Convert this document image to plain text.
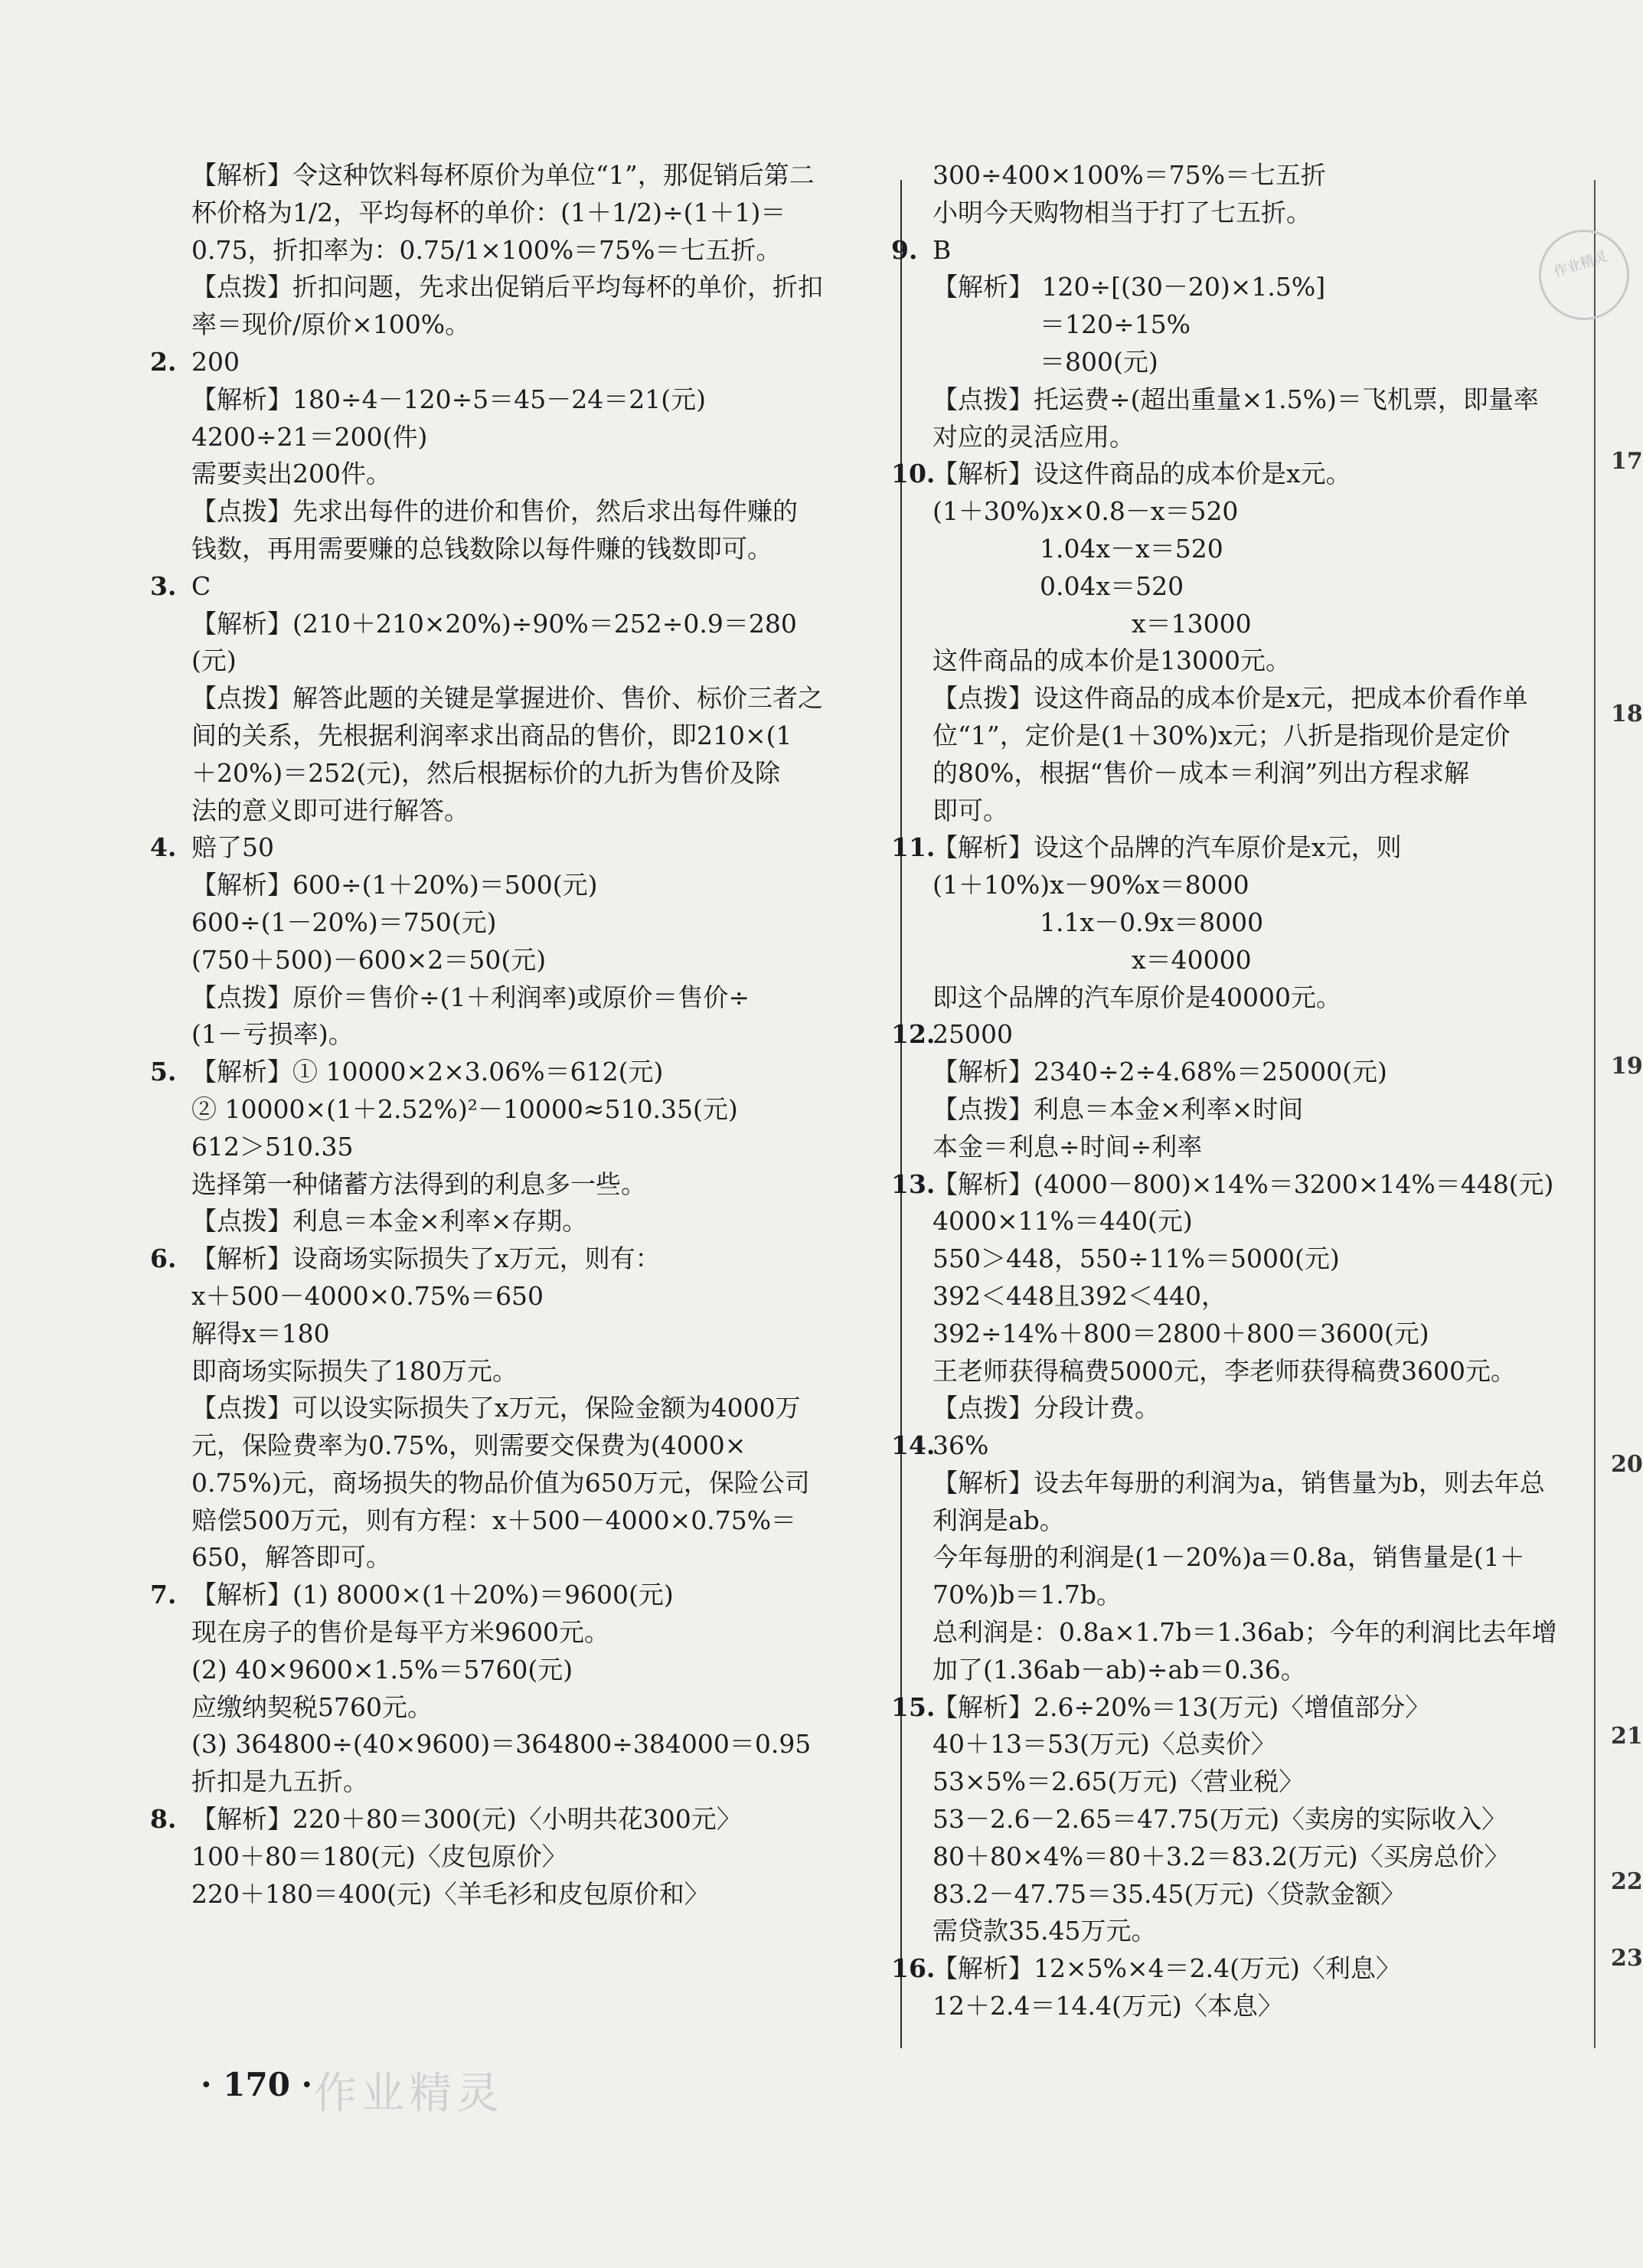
【解析】令这种饮料每杯原价为单位“1”，那促销后第二
杯价格为1/2，平均每杯的单价：(1＋1/2)÷(1＋1)＝
0.75，折扣率为：0.75/1×100%＝75%＝七五折。
【点拨】折扣问题，先求出促销后平均每杯的单价，折扣
率＝现价/原价×100%。
2. 200
【解析】180÷4－120÷5＝45－24＝21(元)
4200÷21＝200(件)
需要卖出200件。
【点拨】先求出每件的进价和售价，然后求出每件赚的
钱数，再用需要赚的总钱数除以每件赚的钱数即可。
3. C
【解析】(210＋210×20%)÷90%＝252÷0.9＝280
(元)
【点拨】解答此题的关键是掌握进价、售价、标价三者之
间的关系，先根据利润率求出商品的售价，即210×(1
＋20%)＝252(元)，然后根据标价的九折为售价及除
法的意义即可进行解答。
4. 赔了50
【解析】600÷(1＋20%)＝500(元)
600÷(1－20%)＝750(元)
(750＋500)－600×2＝50(元)
【点拨】原价＝售价÷(1＋利润率)或原价＝售价÷
(1－亏损率)。
5. 【解析】① 10000×2×3.06%＝612(元)
② 10000×(1＋2.52%)²－10000≈510.35(元)
612＞510.35
选择第一种储蓄方法得到的利息多一些。
【点拨】利息＝本金×利率×存期。
6. 【解析】设商场实际损失了x万元，则有：
x＋500－4000×0.75%＝650
解得x＝180
即商场实际损失了180万元。
【点拨】可以设实际损失了x万元，保险金额为4000万
元，保险费率为0.75%，则需要交保费为(4000×
0.75%)元，商场损失的物品价值为650万元，保险公司
赔偿500万元，则有方程：x＋500－4000×0.75%＝
650，解答即可。
7. 【解析】(1) 8000×(1＋20%)＝9600(元)
现在房子的售价是每平方米9600元。
(2) 40×9600×1.5%＝5760(元)
应缴纳契税5760元。
(3) 364800÷(40×9600)＝364800÷384000＝0.95
折扣是九五折。
8. 【解析】220＋80＝300(元)〈小明共花300元〉
100＋80＝180(元)〈皮包原价〉
220＋180＝400(元)〈羊毛衫和皮包原价和〉
300÷400×100%＝75%＝七五折
小明今天购物相当于打了七五折。
9. B
【解析】 120÷[(30－20)×1.5%]
＝120÷15%
＝800(元)
【点拨】托运费÷(超出重量×1.5%)＝飞机票，即量率
对应的灵活应用。
10.【解析】设这件商品的成本价是x元。
(1＋30%)x×0.8－x＝520
1.04x－x＝520
0.04x＝520
x＝13000
这件商品的成本价是13000元。
【点拨】设这件商品的成本价是x元，把成本价看作单
位“1”，定价是(1＋30%)x元；八折是指现价是定价
的80%，根据“售价－成本＝利润”列出方程求解
即可。
11.【解析】设这个品牌的汽车原价是x元，则
(1＋10%)x－90%x＝8000
1.1x－0.9x＝8000
x＝40000
即这个品牌的汽车原价是40000元。
12.25000
【解析】2340÷2÷4.68%＝25000(元)
【点拨】利息＝本金×利率×时间
本金＝利息÷时间÷利率
13.【解析】(4000－800)×14%＝3200×14%＝448(元)
4000×11%＝440(元)
550＞448，550÷11%＝5000(元)
392＜448且392＜440，
392÷14%＋800＝2800＋800＝3600(元)
王老师获得稿费5000元，李老师获得稿费3600元。
【点拨】分段计费。
14.36%
【解析】设去年每册的利润为a，销售量为b，则去年总
利润是ab。
今年每册的利润是(1－20%)a＝0.8a，销售量是(1＋
70%)b＝1.7b。
总利润是：0.8a×1.7b＝1.36ab；今年的利润比去年增
加了(1.36ab－ab)÷ab＝0.36。
15.【解析】2.6÷20%＝13(万元)〈增值部分〉
40＋13＝53(万元)〈总卖价〉
53×5%＝2.65(万元)〈营业税〉
53－2.6－2.65＝47.75(万元)〈卖房的实际收入〉
80＋80×4%＝80＋3.2＝83.2(万元)〈买房总价〉
83.2－47.75＝35.45(万元)〈贷款金额〉
需贷款35.45万元。
16.【解析】12×5%×4＝2.4(万元)〈利息〉
12＋2.4＝14.4(万元)〈本息〉
17
18
19
20
21
22
23
作业精灵
· 170 · 作业精灵
